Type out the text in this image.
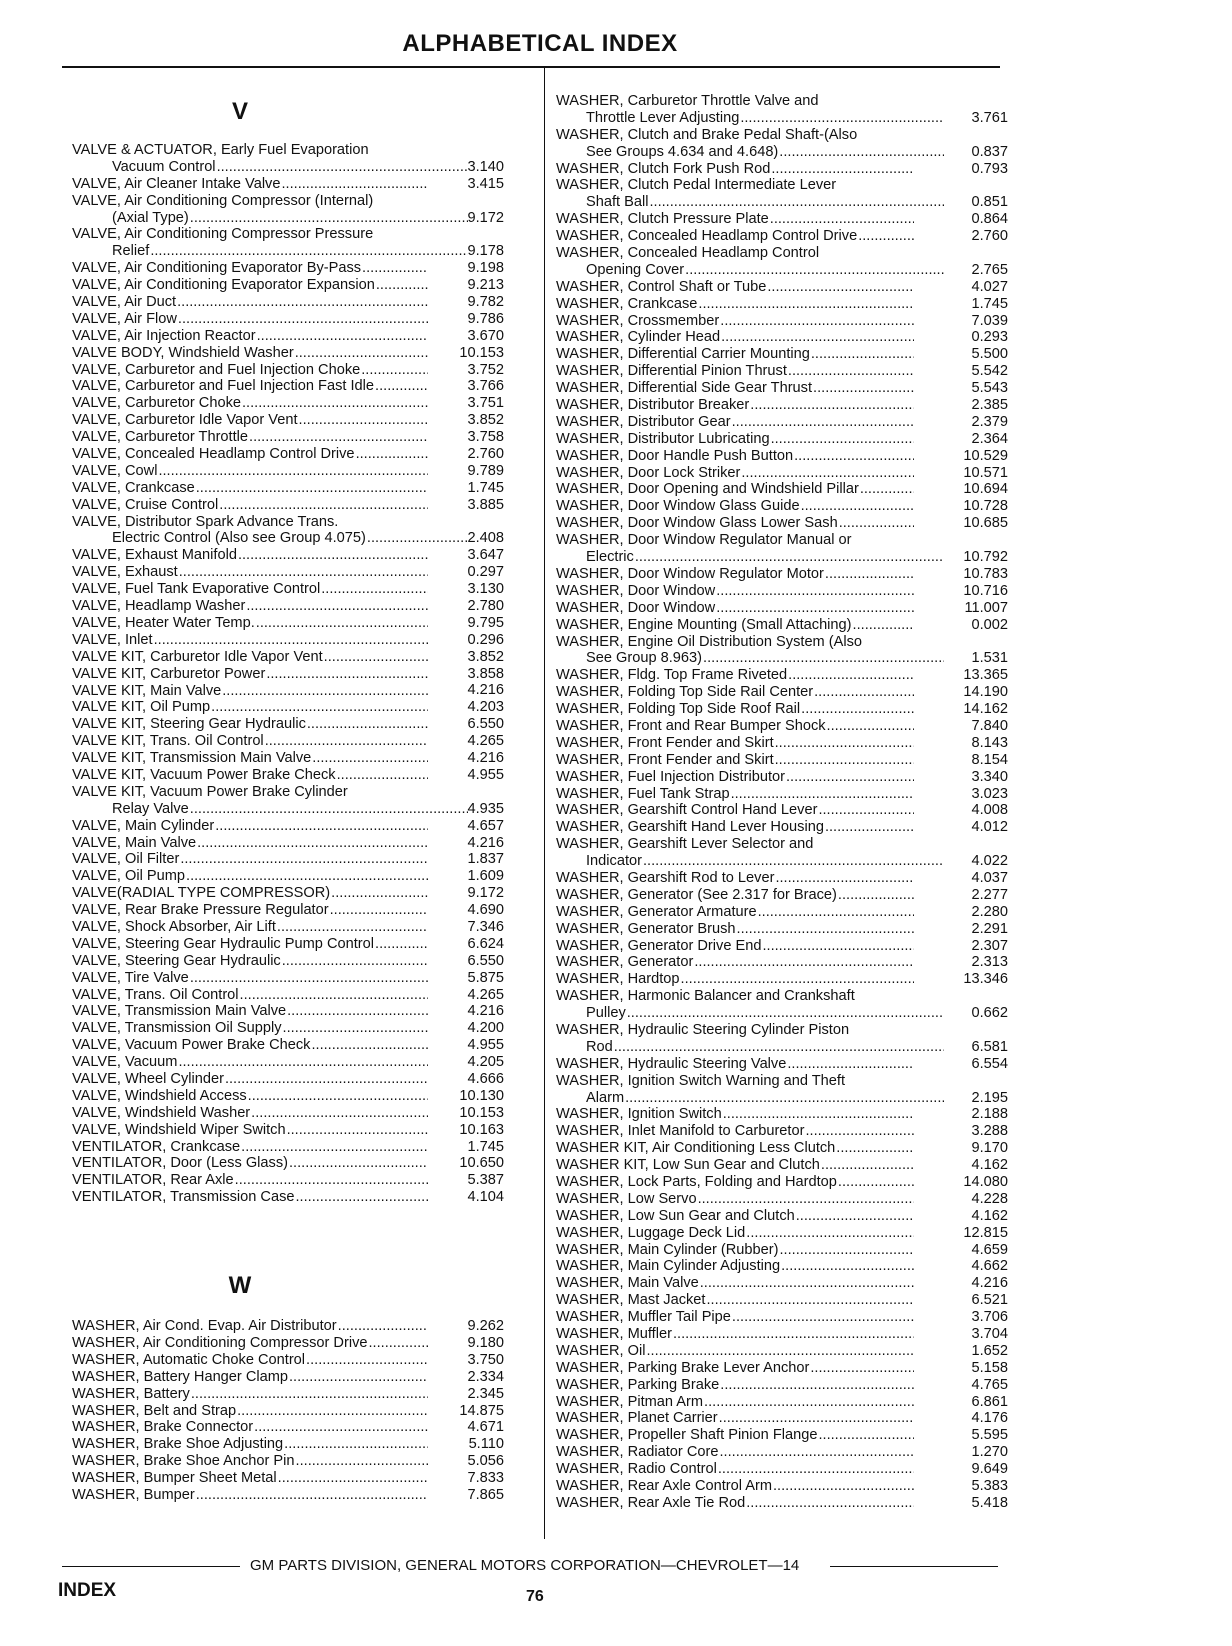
ALPHABETICAL INDEX
V
VALVE & ACTUATOR, Early Fuel Evaporation
Vacuum Control .....	3.140
VALVE, Air Cleaner Intake Valve .....	3.415
VALVE, Air Conditioning Compressor (Internal)
(Axial Type) .....	9.172
VALVE, Air Conditioning Compressor Pressure
Relief .....	9.178
VALVE, Air Conditioning Evaporator By-Pass .....	9.198
VALVE, Air Conditioning Evaporator Expansion .....	9.213
VALVE, Air Duct .....	9.782
VALVE, Air Flow .....	9.786
VALVE, Air Injection Reactor .....	3.670
VALVE BODY, Windshield Washer .....	10.153
VALVE, Carburetor and Fuel Injection Choke .....	3.752
VALVE, Carburetor and Fuel Injection Fast Idle .....	3.766
VALVE, Carburetor Choke .....	3.751
VALVE, Carburetor Idle Vapor Vent .....	3.852
VALVE, Carburetor Throttle .....	3.758
VALVE, Concealed Headlamp Control Drive .....	2.760
VALVE, Cowl .....	9.789
VALVE, Crankcase .....	1.745
VALVE, Cruise Control .....	3.885
VALVE, Distributor Spark Advance Trans.
Electric Control (Also see Group 4.075) .....	2.408
VALVE, Exhaust Manifold .....	3.647
VALVE, Exhaust .....	0.297
VALVE, Fuel Tank Evaporative Control .....	3.130
VALVE, Headlamp Washer .....	2.780
VALVE, Heater Water Temp. .....	9.795
VALVE, Inlet .....	0.296
VALVE KIT, Carburetor Idle Vapor Vent .....	3.852
VALVE KIT, Carburetor Power .....	3.858
VALVE KIT, Main Valve .....	4.216
VALVE KIT, Oil Pump .....	4.203
VALVE KIT, Steering Gear Hydraulic .....	6.550
VALVE KIT, Trans. Oil Control .....	4.265
VALVE KIT, Transmission Main Valve .....	4.216
VALVE KIT, Vacuum Power Brake Check .....	4.955
VALVE KIT, Vacuum Power Brake Cylinder
Relay Valve .....	4.935
VALVE, Main Cylinder .....	4.657
VALVE, Main Valve .....	4.216
VALVE, Oil Filter .....	1.837
VALVE, Oil Pump .....	1.609
VALVE(RADIAL TYPE COMPRESSOR) .....	9.172
VALVE, Rear Brake Pressure Regulator .....	4.690
VALVE, Shock Absorber, Air Lift .....	7.346
VALVE, Steering Gear Hydraulic Pump Control .....	6.624
VALVE, Steering Gear Hydraulic .....	6.550
VALVE, Tire Valve .....	5.875
VALVE, Trans. Oil Control .....	4.265
VALVE, Transmission Main Valve .....	4.216
VALVE, Transmission Oil Supply .....	4.200
VALVE, Vacuum Power Brake Check .....	4.955
VALVE, Vacuum .....	4.205
VALVE, Wheel Cylinder .....	4.666
VALVE, Windshield Access .....	10.130
VALVE, Windshield Washer .....	10.153
VALVE, Windshield Wiper Switch .....	10.163
VENTILATOR, Crankcase .....	1.745
VENTILATOR, Door (Less Glass) .....	10.650
VENTILATOR, Rear Axle .....	5.387
VENTILATOR, Transmission Case .....	4.104
W
WASHER, Air Cond. Evap. Air Distributor .....	9.262
WASHER, Air Conditioning Compressor Drive .....	9.180
WASHER, Automatic Choke Control .....	3.750
WASHER, Battery Hanger Clamp .....	2.334
WASHER, Battery .....	2.345
WASHER, Belt and Strap .....	14.875
WASHER, Brake Connector .....	4.671
WASHER, Brake Shoe Adjusting .....	5.110
WASHER, Brake Shoe Anchor Pin .....	5.056
WASHER, Bumper Sheet Metal .....	7.833
WASHER, Bumper .....	7.865
WASHER, Carburetor Throttle Valve and
Throttle Lever Adjusting .....	3.761
WASHER, Clutch and Brake Pedal Shaft-(Also
See Groups 4.634 and 4.648) .....	0.837
WASHER, Clutch Fork Push Rod .....	0.793
WASHER, Clutch Pedal Intermediate Lever
Shaft Ball .....	0.851
WASHER, Clutch Pressure Plate .....	0.864
WASHER, Concealed Headlamp Control Drive .....	2.760
WASHER, Concealed Headlamp Control
Opening Cover .....	2.765
WASHER, Control Shaft or Tube .....	4.027
WASHER, Crankcase .....	1.745
WASHER, Crossmember .....	7.039
WASHER, Cylinder Head .....	0.293
WASHER, Differential Carrier Mounting .....	5.500
WASHER, Differential Pinion Thrust .....	5.542
WASHER, Differential Side Gear Thrust .....	5.543
WASHER, Distributor Breaker .....	2.385
WASHER, Distributor Gear .....	2.379
WASHER, Distributor Lubricating .....	2.364
WASHER, Door Handle Push Button .....	10.529
WASHER, Door Lock Striker .....	10.571
WASHER, Door Opening and Windshield Pillar .....	10.694
WASHER, Door Window Glass Guide .....	10.728
WASHER, Door Window Glass Lower Sash .....	10.685
WASHER, Door Window Regulator Manual or
Electric .....	10.792
WASHER, Door Window Regulator Motor .....	10.783
WASHER, Door Window .....	10.716
WASHER, Door Window .....	11.007
WASHER, Engine Mounting (Small Attaching) .....	0.002
WASHER, Engine Oil Distribution System (Also
See Group 8.963) .....	1.531
WASHER, Fldg. Top Frame Riveted .....	13.365
WASHER, Folding Top Side Rail Center .....	14.190
WASHER, Folding Top Side Roof Rail .....	14.162
WASHER, Front and Rear Bumper Shock .....	7.840
WASHER, Front Fender and Skirt .....	8.143
WASHER, Front Fender and Skirt .....	8.154
WASHER, Fuel Injection Distributor .....	3.340
WASHER, Fuel Tank Strap .....	3.023
WASHER, Gearshift Control Hand Lever .....	4.008
WASHER, Gearshift Hand Lever Housing .....	4.012
WASHER, Gearshift Lever Selector and
Indicator .....	4.022
WASHER, Gearshift Rod to Lever .....	4.037
WASHER, Generator (See 2.317 for Brace) .....	2.277
WASHER, Generator Armature .....	2.280
WASHER, Generator Brush .....	2.291
WASHER, Generator Drive End .....	2.307
WASHER, Generator .....	2.313
WASHER, Hardtop .....	13.346
WASHER, Harmonic Balancer and Crankshaft
Pulley .....	0.662
WASHER, Hydraulic Steering Cylinder Piston
Rod .....	6.581
WASHER, Hydraulic Steering Valve .....	6.554
WASHER, Ignition Switch Warning and Theft
Alarm .....	2.195
WASHER, Ignition Switch .....	2.188
WASHER, Inlet Manifold to Carburetor .....	3.288
WASHER KIT, Air Conditioning Less Clutch .....	9.170
WASHER KIT, Low Sun Gear and Clutch .....	4.162
WASHER, Lock Parts, Folding and Hardtop .....	14.080
WASHER, Low Servo .....	4.228
WASHER, Low Sun Gear and Clutch .....	4.162
WASHER, Luggage Deck Lid .....	12.815
WASHER, Main Cylinder (Rubber) .....	4.659
WASHER, Main Cylinder Adjusting .....	4.662
WASHER, Main Valve .....	4.216
WASHER, Mast Jacket .....	6.521
WASHER, Muffler Tail Pipe .....	3.706
WASHER, Muffler .....	3.704
WASHER, Oil .....	1.652
WASHER, Parking Brake Lever Anchor .....	5.158
WASHER, Parking Brake .....	4.765
WASHER, Pitman Arm .....	6.861
WASHER, Planet Carrier .....	4.176
WASHER, Propeller Shaft Pinion Flange .....	5.595
WASHER, Radiator Core .....	1.270
WASHER, Radio Control .....	9.649
WASHER, Rear Axle Control Arm .....	5.383
WASHER, Rear Axle Tie Rod .....	5.418
GM PARTS DIVISION, GENERAL MOTORS CORPORATION—CHEVROLET—14
INDEX	76
